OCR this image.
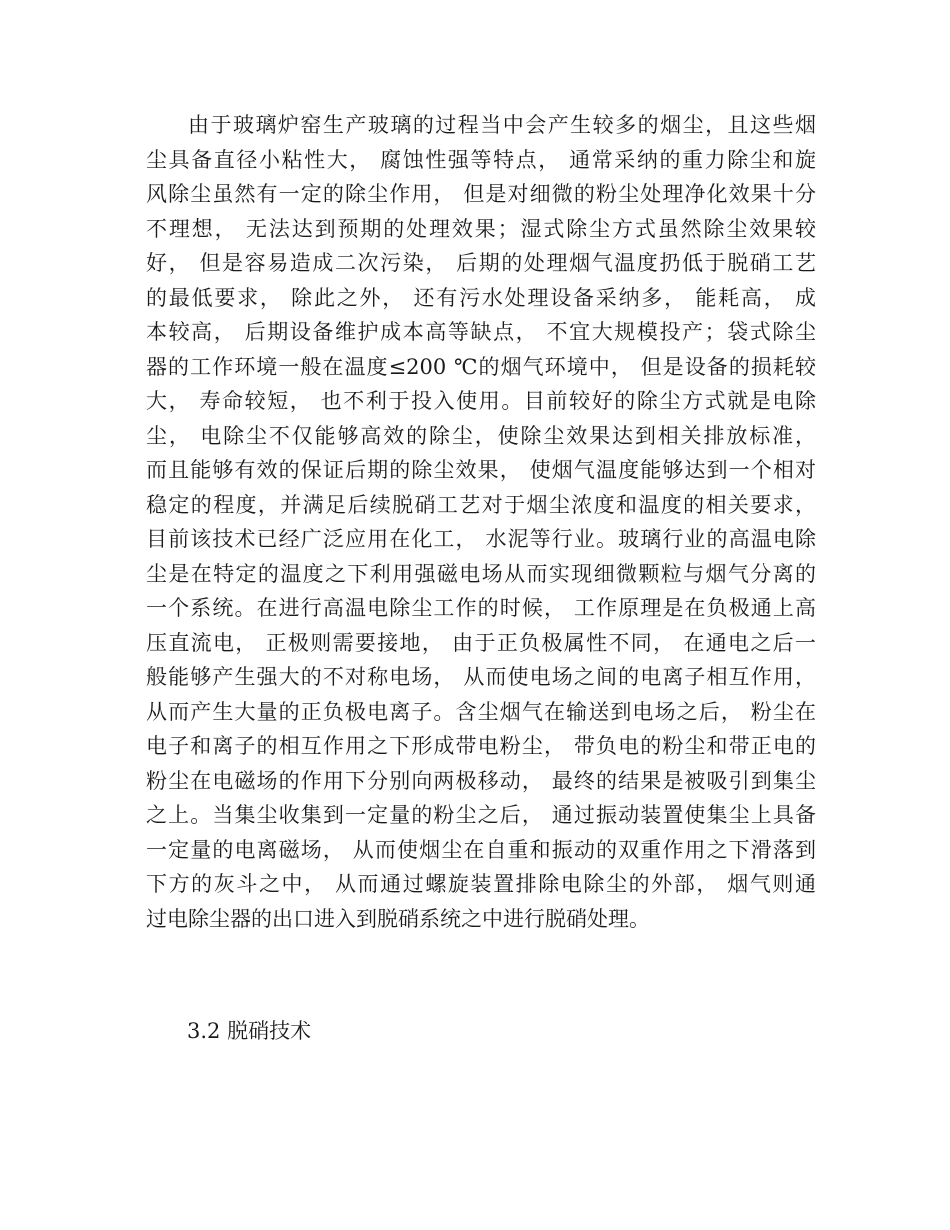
由于玻璃炉窑生产玻璃的过程当中会产生较多的烟尘，且这些烟
尘具备直径小粘性大， 腐蚀性强等特点， 通常采纳的重力除尘和旋
风除尘虽然有一定的除尘作用， 但是对细微的粉尘处理净化效果十分
不理想， 无法达到预期的处理效果；湿式除尘方式虽然除尘效果较
好， 但是容易造成二次污染， 后期的处理烟气温度扔低于脱硝工艺
的最低要求， 除此之外， 还有污水处理设备采纳多， 能耗高， 成
本较高， 后期设备维护成本高等缺点， 不宜大规模投产；袋式除尘
器的工作环境一般在温度≤200 ℃的烟气环境中， 但是设备的损耗较
大， 寿命较短， 也不利于投入使用。目前较好的除尘方式就是电除
尘， 电除尘不仅能够高效的除尘，使除尘效果达到相关排放标准，
而且能够有效的保证后期的除尘效果， 使烟气温度能够达到一个相对
稳定的程度，并满足后续脱硝工艺对于烟尘浓度和温度的相关要求，
目前该技术已经广泛应用在化工， 水泥等行业。玻璃行业的高温电除
尘是在特定的温度之下利用强磁电场从而实现细微颗粒与烟气分离的
一个系统。在进行高温电除尘工作的时候， 工作原理是在负极通上高
压直流电， 正极则需要接地， 由于正负极属性不同， 在通电之后一
般能够产生强大的不对称电场， 从而使电场之间的电离子相互作用，
从而产生大量的正负极电离子。含尘烟气在输送到电场之后， 粉尘在
电子和离子的相互作用之下形成带电粉尘， 带负电的粉尘和带正电的
粉尘在电磁场的作用下分别向两极移动， 最终的结果是被吸引到集尘
之上。当集尘收集到一定量的粉尘之后， 通过振动装置使集尘上具备
一定量的电离磁场， 从而使烟尘在自重和振动的双重作用之下滑落到
下方的灰斗之中， 从而通过螺旋装置排除电除尘的外部， 烟气则通
过电除尘器的出口进入到脱硝系统之中进行脱硝处理。
3.2 脱硝技术
